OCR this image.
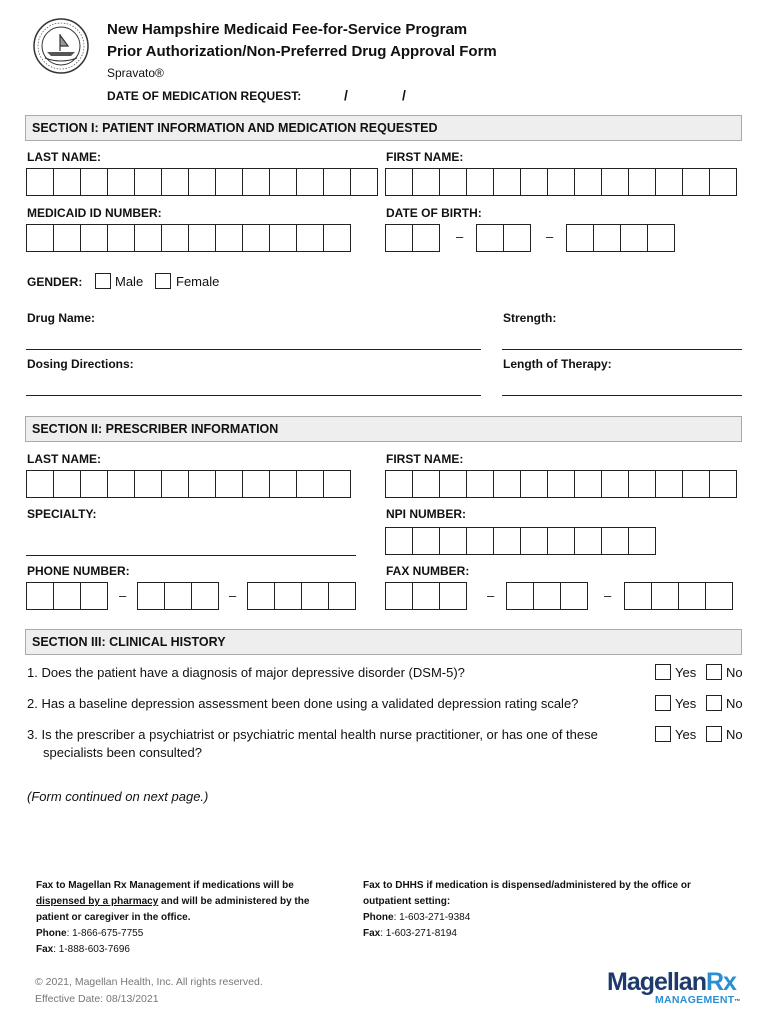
New Hampshire Medicaid Fee-for-Service Program
Prior Authorization/Non-Preferred Drug Approval Form
Spravato®
DATE OF MEDICATION REQUEST:	/	/
SECTION I: PATIENT INFORMATION AND MEDICATION REQUESTED
LAST NAME:	FIRST NAME:
MEDICAID ID NUMBER:	DATE OF BIRTH:
–	–
GENDER:	Male	Female
Drug Name:	Strength:
Dosing Directions:	Length of Therapy:
SECTION II: PRESCRIBER INFORMATION
LAST NAME:	FIRST NAME:
SPECIALTY:	NPI NUMBER:
PHONE NUMBER:	FAX NUMBER:
–	–	–	–
SECTION III: CLINICAL HISTORY
1. Does the patient have a diagnosis of major depressive disorder (DSM-5)?	Yes No
2. Has a baseline depression assessment been done using a validated depression rating scale?	Yes No
3. Is the prescriber a psychiatrist or psychiatric mental health nurse practitioner, or has one of these
specialists been consulted?
Yes No
(Form continued on next page.)
Fax to Magellan Rx Management if medications will be
dispensed by a pharmacy and will be administered by the
patient or caregiver in the office.
Phone: 1-866-675-7755
Fax: 1-888-603-7696
Fax to DHHS if medication is dispensed/administered by the office or
outpatient setting:
Phone: 1-603-271-9384
Fax: 1-603-271-8194
© 2021, Magellan Health, Inc. All rights reserved.
Effective Date: 08/13/2021
MagellanRx
MANAGEMENT™
